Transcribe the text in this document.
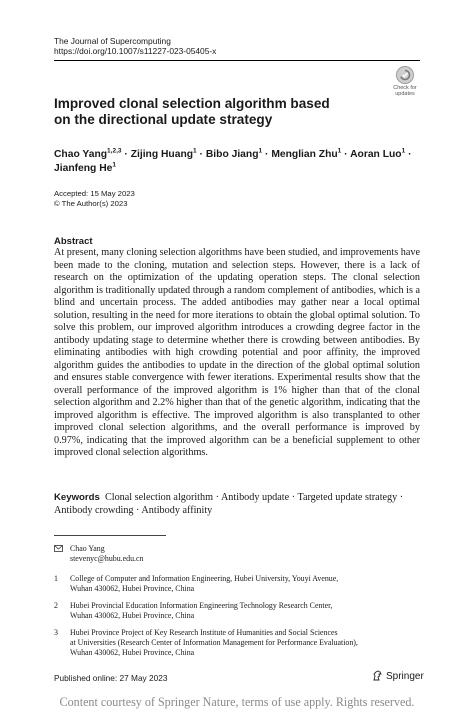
The Journal of Supercomputing
https://doi.org/10.1007/s11227-023-05405-x
Check for
updates
Improved clonal selection algorithm based
on the directional update strategy
Chao Yang$^{1,2,3}$ · Zijing Huang$^1$ · Bibo Jiang$^1$ · Menglian Zhu$^1$ · Aoran Luo$^1$ ·
Jianfeng He$^1$
Accepted: 15 May 2023
© The Author(s) 2023
Abstract
At present, many cloning selection algorithms have been studied, and improvements have been made to the cloning, mutation and selection steps. However, there is a lack of research on the optimization of the updating operation steps. The clonal selection algorithm is traditionally updated through a random complement of antibodies, which is a blind and uncertain process. The added antibodies may gather near a local optimal solution, resulting in the need for more iterations to obtain the global optimal solution. To solve this problem, our improved algorithm introduces a crowding degree factor in the antibody updating stage to determine whether there is crowding between antibodies. By eliminating antibodies with high crowding potential and poor affinity, the improved algorithm guides the antibodies to update in the direction of the global optimal solution and ensures stable convergence with fewer iterations. Experimental results show that the overall performance of the improved algorithm is 1% higher than that of the clonal selection algorithm and 2.2% higher than that of the genetic algorithm, indicating that the improved algorithm is effective. The improved algorithm is also transplanted to other improved clonal selection algorithms, and the overall performance is improved by 0.97%, indicating that the improved algorithm can be a beneficial supplement to other improved clonal selection algorithms.
Keywords Clonal selection algorithm · Antibody update · Targeted update strategy · Antibody crowding · Antibody affinity
Chao Yang
stevenyc@hubu.edu.cn
1	College of Computer and Information Engineering, Hubei University, Youyi Avenue,
Wuhan 430062, Hubei Province, China
2	Hubei Provincial Education Information Engineering Technology Research Center,
Wuhan 430062, Hubei Province, China
3	Hubei Province Project of Key Research Institute of Humanities and Social Sciences
at Universities (Research Center of Information Management for Performance Evaluation),
Wuhan 430062, Hubei Province, China
Published online: 27 May 2023	Springer
Content courtesy of Springer Nature, terms of use apply. Rights reserved.
